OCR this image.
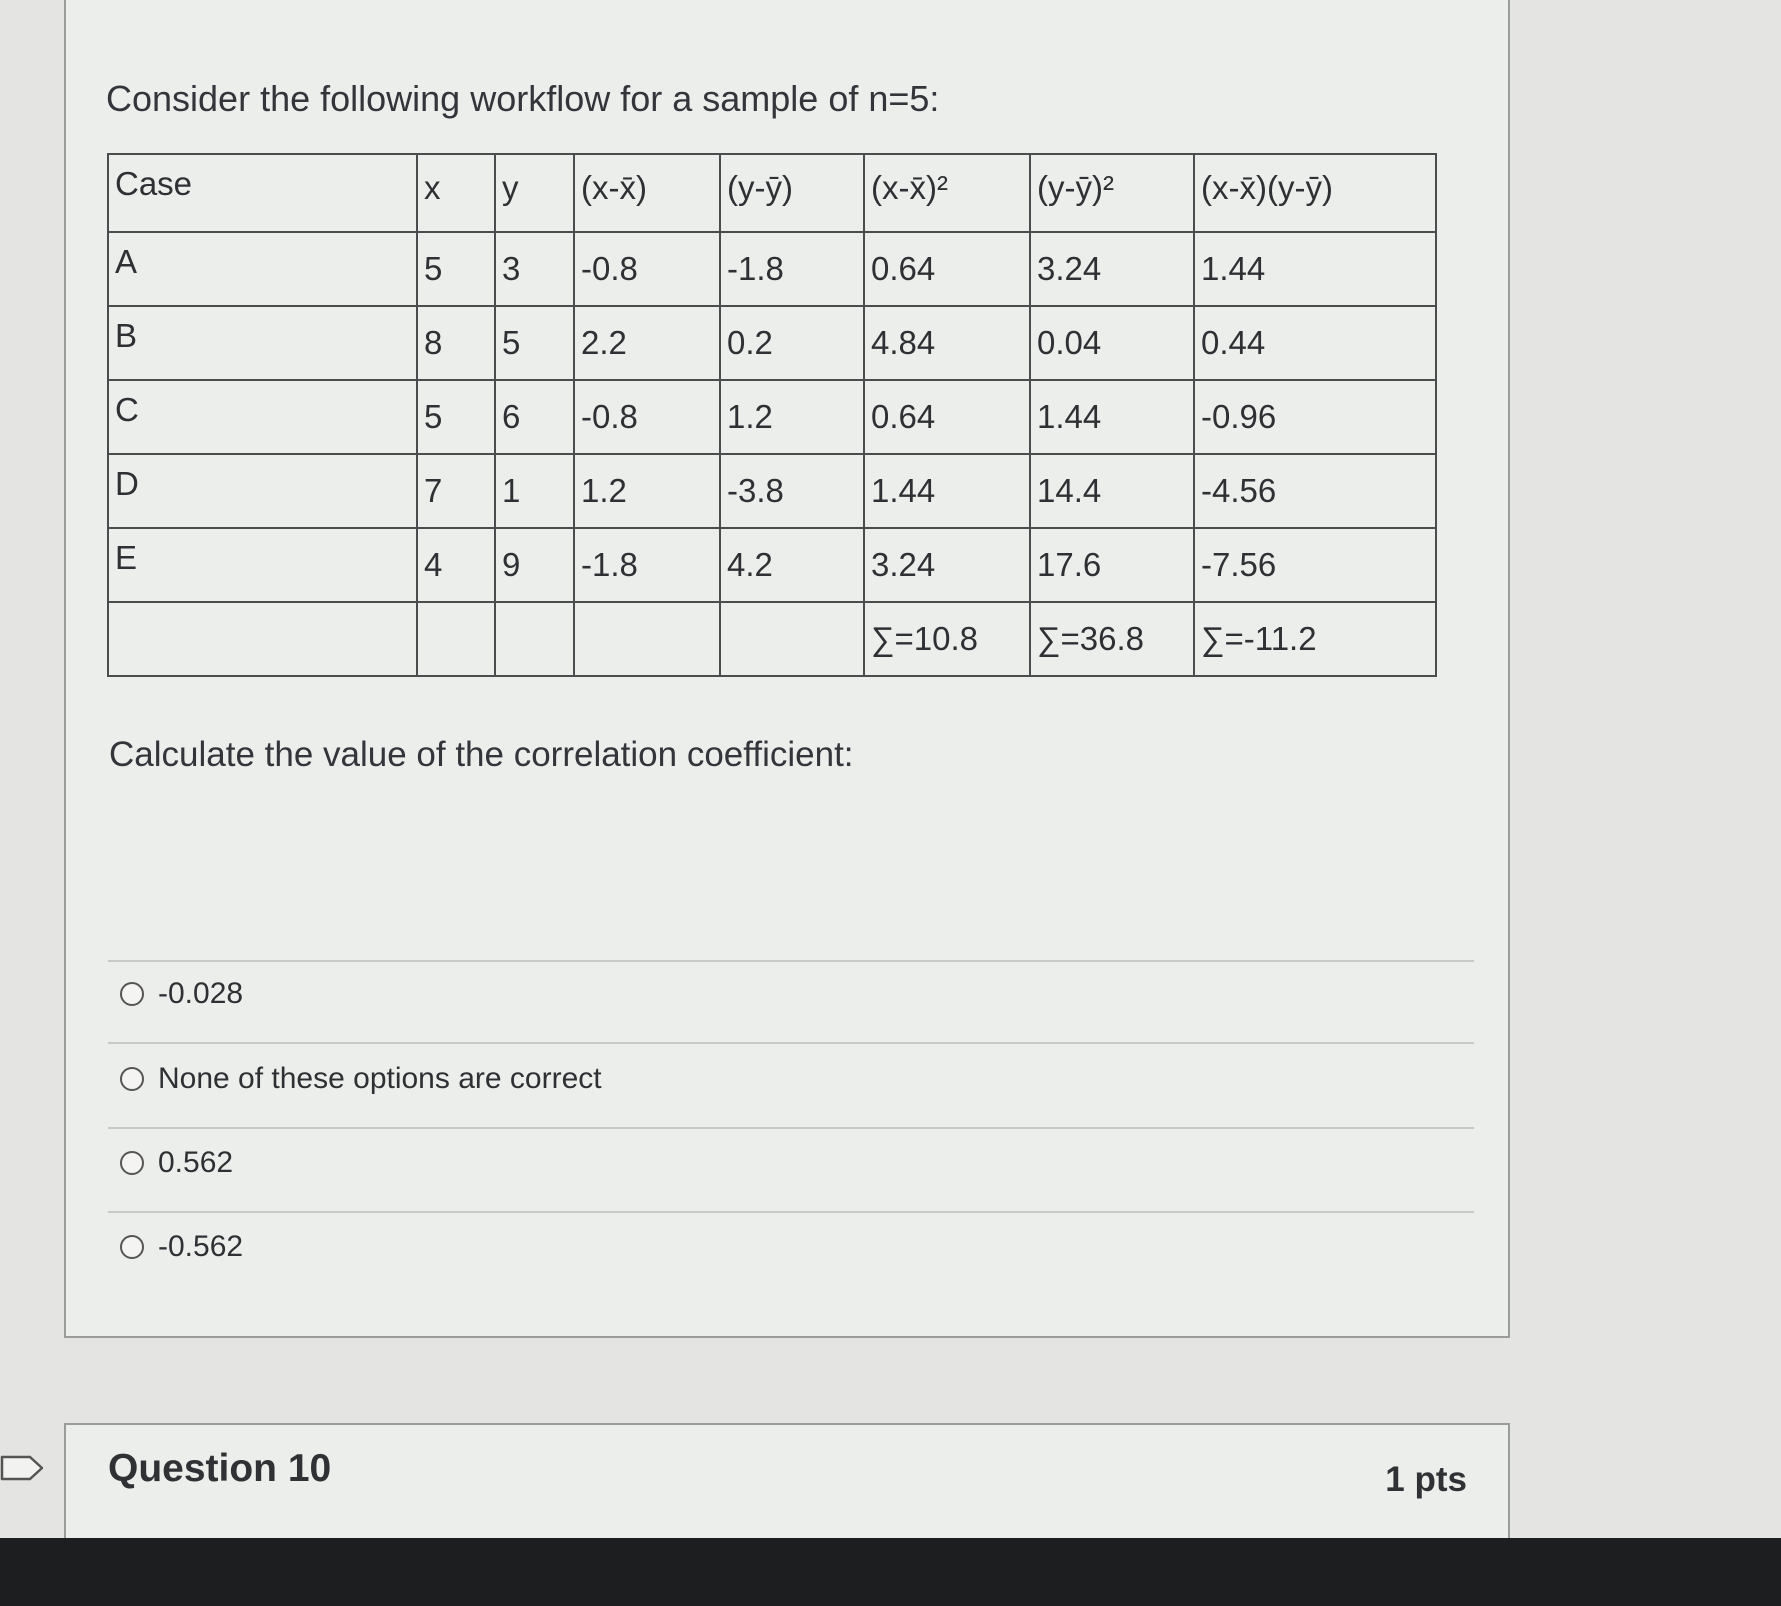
Consider the following workflow for a sample of n=5:
Case	x	y	(x-x̄)	(y-ȳ)	(x-x̄)²	(y-ȳ)²	(x-x̄)(y-ȳ)
A	5	3	-0.8	-1.8	0.64	3.24	1.44
B	8	5	2.2	0.2	4.84	0.04	0.44
C	5	6	-0.8	1.2	0.64	1.44	-0.96
D	7	1	1.2	-3.8	1.44	14.4	-4.56
E	4	9	-1.8	4.2	3.24	17.6	-7.56
					∑=10.8	∑=36.8	∑=-11.2
Calculate the value of the correlation coefficient:
-0.028
None of these options are correct
0.562
-0.562
Question 10	1 pts
